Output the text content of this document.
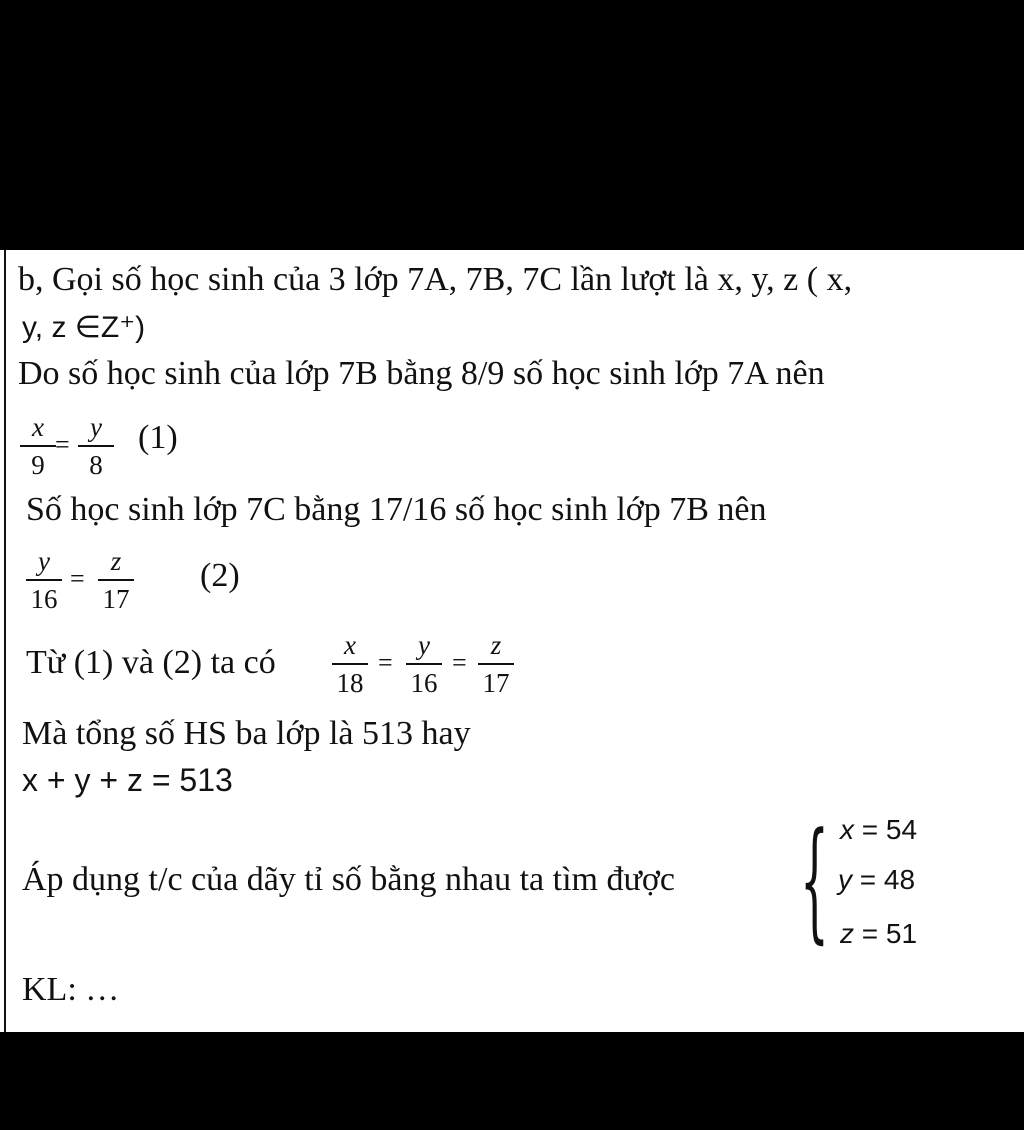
b, Gọi số học sinh của 3 lớp 7A, 7B, 7C lần lượt là x, y, z ( x,
y, z ∈Z⁺)
Do số học sinh của lớp 7B bằng 8/9 số học sinh lớp 7A nên
x
9
=
y
8
(1)
Số học sinh lớp 7C bằng 17/16 số học sinh lớp 7B nên
y
16
=
z
17
(2)
Từ (1) và (2) ta có	x
18
=
y
16
=
z
17
Mà tổng số HS ba lớp là 513 hay
x + y + z = 513
Áp dụng t/c của dãy tỉ số bằng nhau ta tìm được { x = 54
y = 48
z = 51
KL: …
